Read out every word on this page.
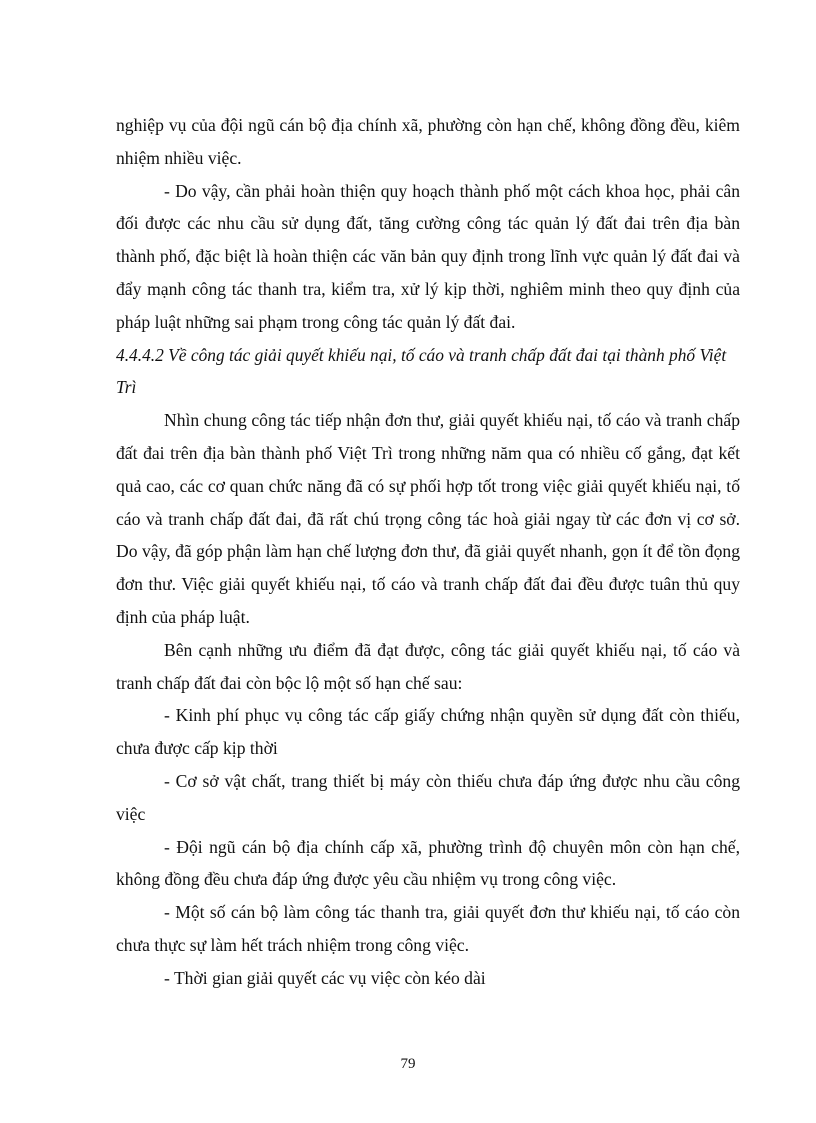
nghiệp vụ của đội ngũ cán bộ địa chính xã, phường còn hạn chế, không đồng đều, kiêm nhiệm nhiều việc.

- Do vậy, cần phải hoàn thiện quy hoạch thành phố một cách khoa học, phải cân đối được các nhu cầu sử dụng đất, tăng cường công tác quản lý đất đai trên địa bàn thành phố, đặc biệt là hoàn thiện các văn bản quy định trong lĩnh vực quản lý đất đai và đẩy mạnh công tác thanh tra, kiểm tra, xử lý kịp thời, nghiêm minh theo quy định của pháp luật những sai phạm trong công tác quản lý đất đai.

4.4.4.2 Về công tác giải quyết khiếu nại, tố cáo và tranh chấp đất đai tại thành phố Việt Trì

Nhìn chung công tác tiếp nhận đơn thư, giải quyết khiếu nại, tố cáo và tranh chấp đất đai trên địa bàn thành phố Việt Trì trong những năm qua có nhiều cố gắng, đạt kết quả cao, các cơ quan chức năng đã có sự phối hợp tốt trong việc giải quyết khiếu nại, tố cáo và tranh chấp đất đai, đã rất chú trọng công tác hoà giải ngay từ các đơn vị cơ sở. Do vậy, đã góp phận làm hạn chế lượng đơn thư, đã giải quyết nhanh, gọn ít để tồn đọng đơn thư. Việc giải quyết khiếu nại, tố cáo và tranh chấp đất đai đều được tuân thủ quy định của pháp luật.

Bên cạnh những ưu điểm đã đạt được, công tác giải quyết khiếu nại, tố cáo và tranh chấp đất đai còn bộc lộ một số hạn chế sau:

- Kinh phí phục vụ công tác cấp giấy chứng nhận quyền sử dụng đất còn thiếu, chưa được cấp kịp thời

- Cơ sở vật chất, trang thiết bị máy còn thiếu chưa đáp ứng được nhu cầu công việc

- Đội ngũ cán bộ địa chính cấp xã, phường trình độ chuyên môn còn hạn chế, không đồng đều chưa đáp ứng được yêu cầu nhiệm vụ trong công việc.

- Một số cán bộ làm công tác thanh tra, giải quyết đơn thư khiếu nại, tố cáo còn chưa thực sự làm hết trách nhiệm trong công việc.

- Thời gian giải quyết các vụ việc còn kéo dài

79
